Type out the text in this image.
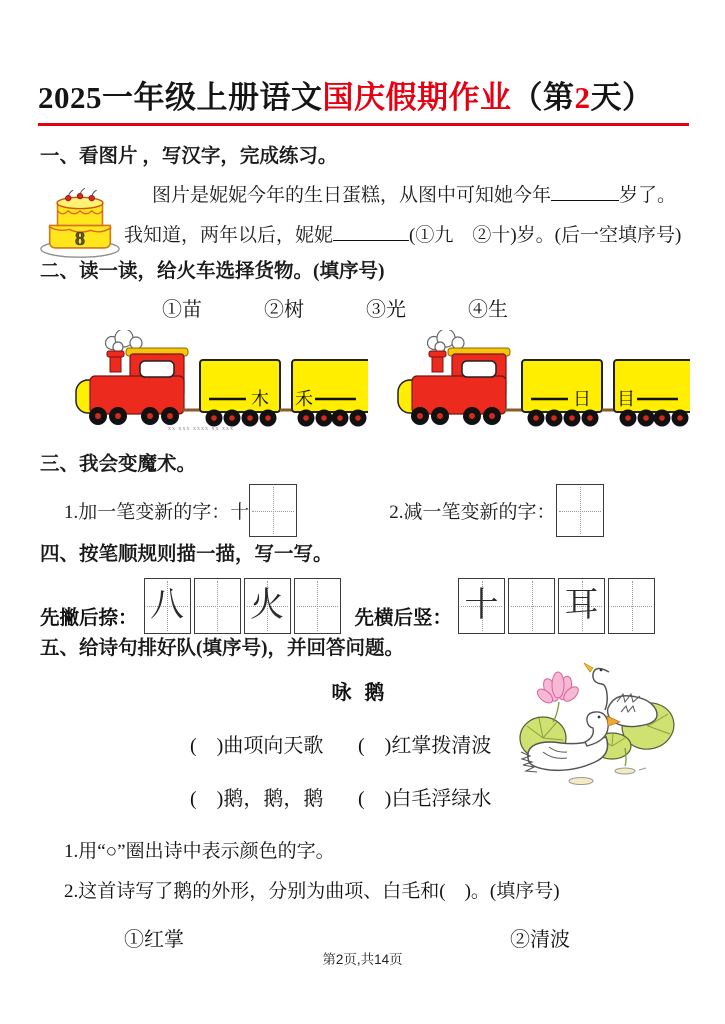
2025一年级上册语文国庆假期作业（第2天）
一、看图片 ，写汉字，完成练习。
8
图片是妮妮今年的生日蛋糕，从图中可知她今年	岁了。
我知道，两年以后，妮妮	(①九　②十)岁。(后一空填序号)
二、读一读，给火车选择货物。(填序号)
①苗	②树	③光	④生
木 禾	日 目
xx xxx xxxx xx xxx
三、我会变魔术。
1.加一笔变新的字：十	2.减一笔变新的字：
四、按笔顺规则描一描，写一写。
先撇后捺： 八 火	先横后竖： 十 耳
五、给诗句排好队(填序号)，并回答问题。
咏 鹅
(　)曲项向天歌	(　)红掌拨清波
(　)鹅，鹅，鹅	(　)白毛浮绿水
1.用“○”圈出诗中表示颜色的字。
2.这首诗写了鹅的外形，分别为曲项、白毛和(　)。(填序号)
①红掌	②清波
第2页,共14页
